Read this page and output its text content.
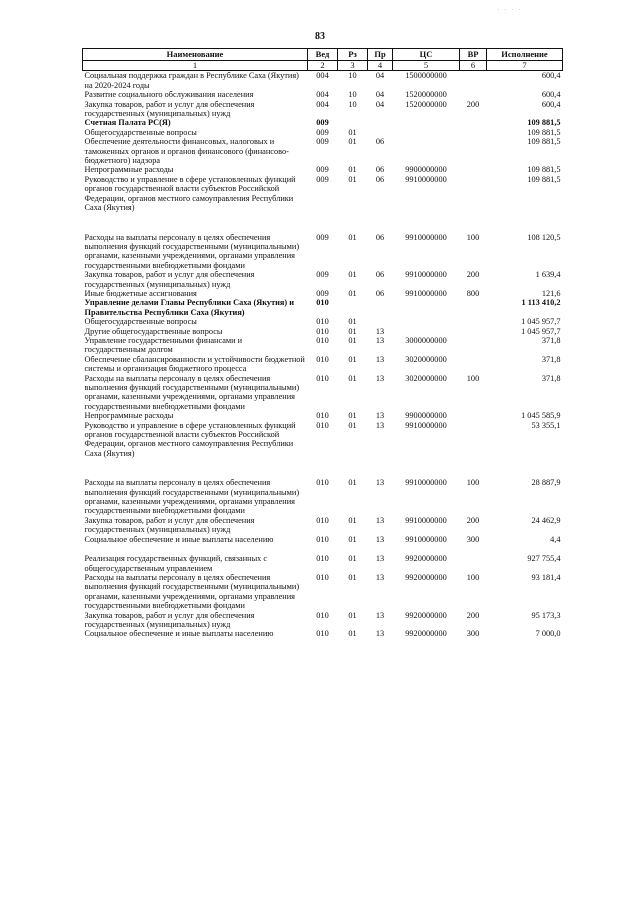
. . . .
83
Наименование	Вед	Рз	Пр	ЦС	ВР	Исполнение
1	2	3	4	5	6	7
Социальная поддержка граждан в Республике Саха (Якутия) на 2020-2024 годы	004	10	04	1500000000		600,4
Развитие социального обслуживания населения	004	10	04	1520000000		600,4
Закупка товаров, работ и услуг для обеспечения государственных (муниципальных) нужд	004	10	04	1520000000	200	600,4
Счетная Палата РС(Я)	009					109 881,5
Общегосударственные вопросы	009	01				109 881,5
Обеспечение деятельности финансовых, налоговых и таможенных органов и органов финансового (финансово-бюджетного) надзора	009	01	06			109 881,5
Непрограммные расходы	009	01	06	9900000000		109 881,5
Руководство и управление в сфере установленных функций органов государственной власти субъектов Российской Федерации, органов местного самоуправления Республики Саха (Якутия)	009	01	06	9910000000		109 881,5
Расходы на выплаты персоналу в целях обеспечения выполнения функций государственными (муниципальными) органами, казенными учреждениями, органами управления государственными внебюджетными фондами	009	01	06	9910000000	100	108 120,5
Закупка товаров, работ и услуг для обеспечения государственных (муниципальных) нужд	009	01	06	9910000000	200	1 639,4
Иные бюджетные ассигнования	009	01	06	9910000000	800	121,6
Управление делами Главы Республики Саха (Якутия) и Правительства Республики Саха (Якутия)	010					1 113 410,2
Общегосударственные вопросы	010	01				1 045 957,7
Другие общегосударственные вопросы	010	01	13			1 045 957,7
Управление государственными финансами и государственным долгом	010	01	13	3000000000		371,8
Обеспечение сбалансированности и устойчивости бюджетной системы и организация бюджетного процесса	010	01	13	3020000000		371,8
Расходы на выплаты персоналу в целях обеспечения выполнения функций государственными (муниципальными) органами, казенными учреждениями, органами управления государственными внебюджетными фондами	010	01	13	3020000000	100	371,8
Непрограммные расходы	010	01	13	9900000000		1 045 585,9
Руководство и управление в сфере установленных функций органов государственной власти субъектов Российской Федерации, органов местного самоуправления Республики Саха (Якутия)	010	01	13	9910000000		53 355,1
Расходы на выплаты персоналу в целях обеспечения выполнения функций государственными (муниципальными) органами, казенными учреждениями, органами управления государственными внебюджетными фондами	010	01	13	9910000000	100	28 887,9
Закупка товаров, работ и услуг для обеспечения государственных (муниципальных) нужд	010	01	13	9910000000	200	24 462,9
Социальное обеспечение и иные выплаты населению	010	01	13	9910000000	300	4,4
Реализация государственных функций, связанных с общегосударственным управлением	010	01	13	9920000000		927 755,4
Расходы на выплаты персоналу в целях обеспечения выполнения функций государственными (муниципальными) органами, казенными учреждениями, органами управления государственными внебюджетными фондами	010	01	13	9920000000	100	93 181,4
Закупка товаров, работ и услуг для обеспечения государственных (муниципальных) нужд	010	01	13	9920000000	200	95 173,3
Социальное обеспечение и иные выплаты населению	010	01	13	9920000000	300	7 000,0
